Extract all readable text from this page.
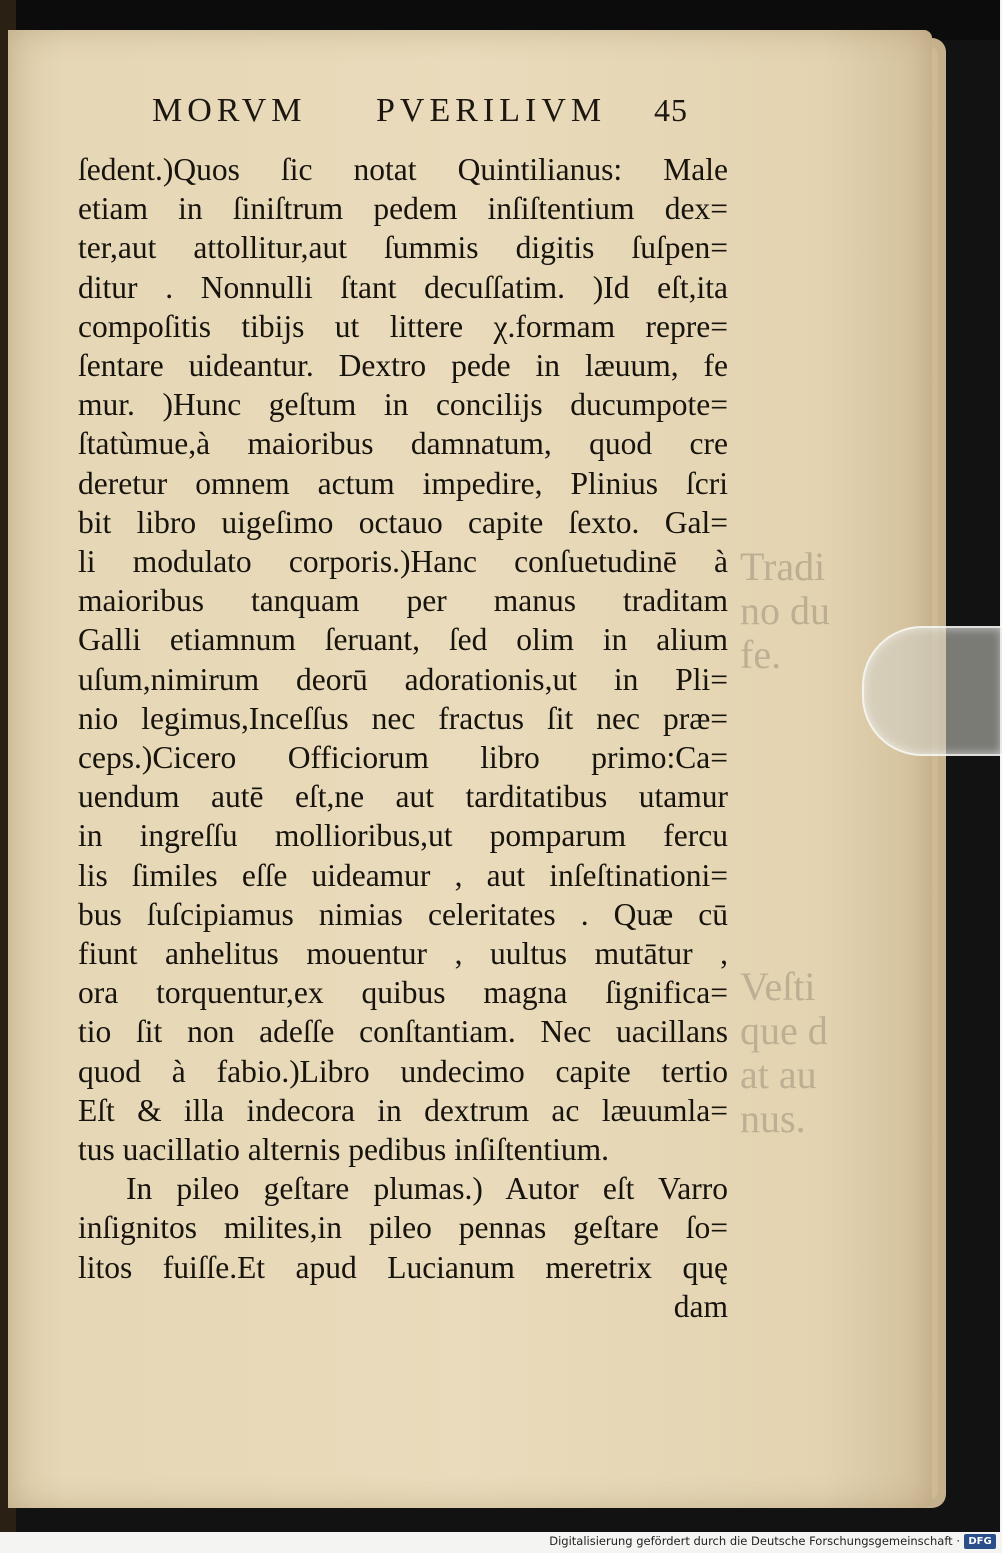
Tradi
no du
fe.
Veſti
que d
at au
nus.
MORVM PVERILIVM 45
ſedent.)Quos ſic notat Quintilianus: Male
etiam in ſiniſtrum pedem inſiſtentium dex=
ter,aut attollitur,aut ſummis digitis ſuſpen=
ditur . Nonnulli ſtant decuſſatim. )Id eſt,ita
compoſitis tibijs ut littere χ.formam repre=
ſentare uideantur. Dextro pede in læuum, fe
mur. )Hunc geſtum in concilijs ducumpote=
ſtatùmue,à maioribus damnatum, quod cre
deretur omnem actum impedire, Plinius ſcri
bit libro uigeſimo octauo capite ſexto. Gal=
li modulato corporis.)Hanc conſuetudinē à
maioribus tanquam per manus traditam
Galli etiamnum ſeruant, ſed olim in alium
uſum,nimirum deorū adorationis,ut in Pli=
nio legimus,Inceſſus nec fractus ſit nec præ=
ceps.)Cicero Officiorum libro primo:Ca=
uendum autē eſt,ne aut tarditatibus utamur
in ingreſſu mollioribus,ut pomparum fercu
lis ſimiles eſſe uideamur , aut inſeſtinationi=
bus ſuſcipiamus nimias celeritates . Quæ cū
fiunt anhelitus mouentur , uultus mutātur ,
ora torquentur,ex quibus magna ſignifica=
tio ſit non adeſſe conſtantiam. Nec uacillans
quod à fabio.)Libro undecimo capite tertio
Eſt & illa indecora in dextrum ac læuumla=
tus uacillatio alternis pedibus inſiſtentium.
In pileo geſtare plumas.) Autor eſt Varro
inſignitos milites,in pileo pennas geſtare ſo=
litos fuiſſe.Et apud Lucianum meretrix quę
dam
Digitalisierung gefördert durch die Deutsche Forschungsgemeinschaft · DFG
